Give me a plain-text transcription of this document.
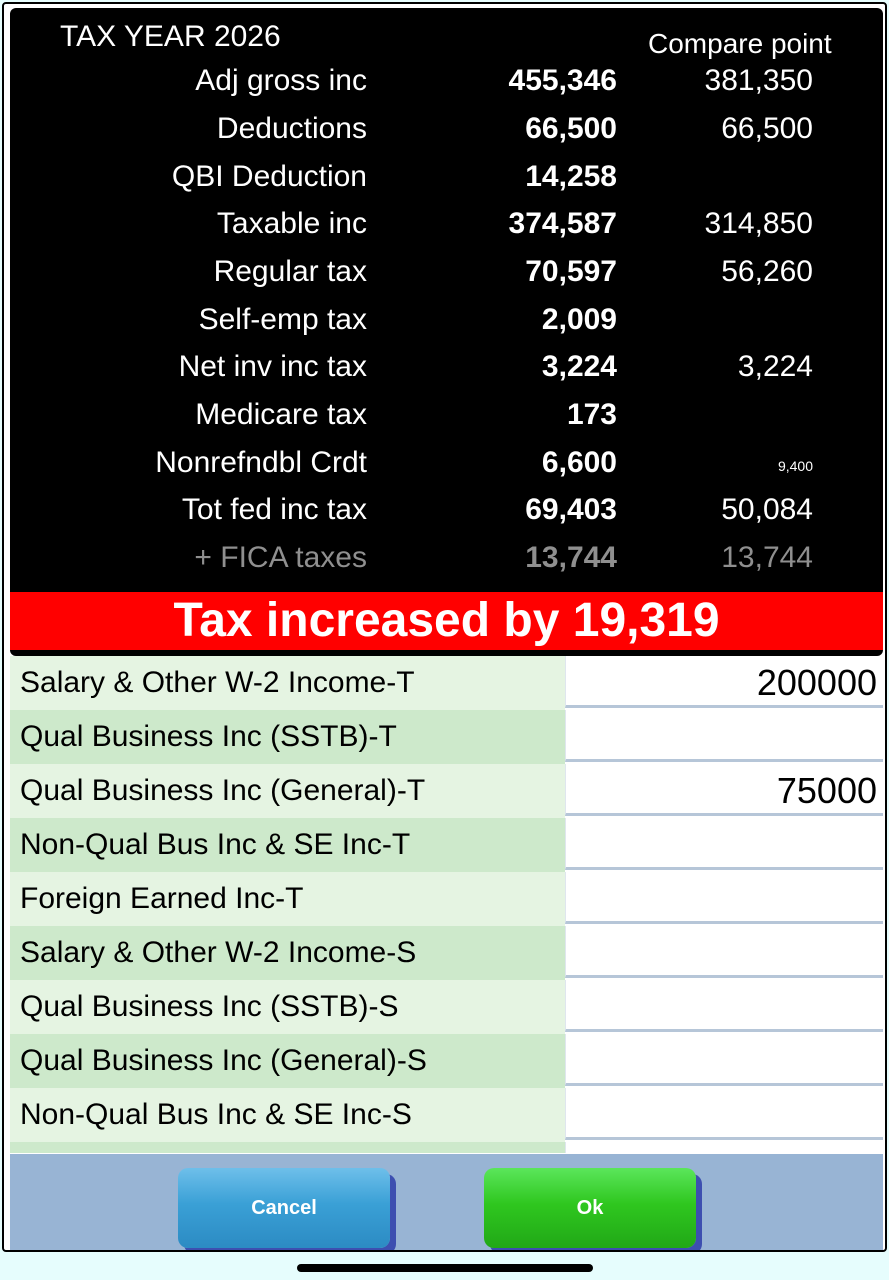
TAX YEAR 2026	Compare point
Adj gross inc	455,346	381,350
Deductions	66,500	66,500
QBI Deduction	14,258
Taxable inc	374,587	314,850
Regular tax	70,597	56,260
Self-emp tax	2,009
Net inv inc tax	3,224	3,224
Medicare tax	173
Nonrefndbl Crdt	6,600	9,400
Tot fed inc tax	69,403	50,084
+ FICA taxes	13,744	13,744
Tax increased by 19,319
Salary & Other W-2 Income-T	200000
Qual Business Inc (SSTB)-T
Qual Business Inc (General)-T	75000
Non-Qual Bus Inc & SE Inc-T
Foreign Earned Inc-T
Salary & Other W-2 Income-S
Qual Business Inc (SSTB)-S
Qual Business Inc (General)-S
Non-Qual Bus Inc & SE Inc-S
Cancel	Ok
